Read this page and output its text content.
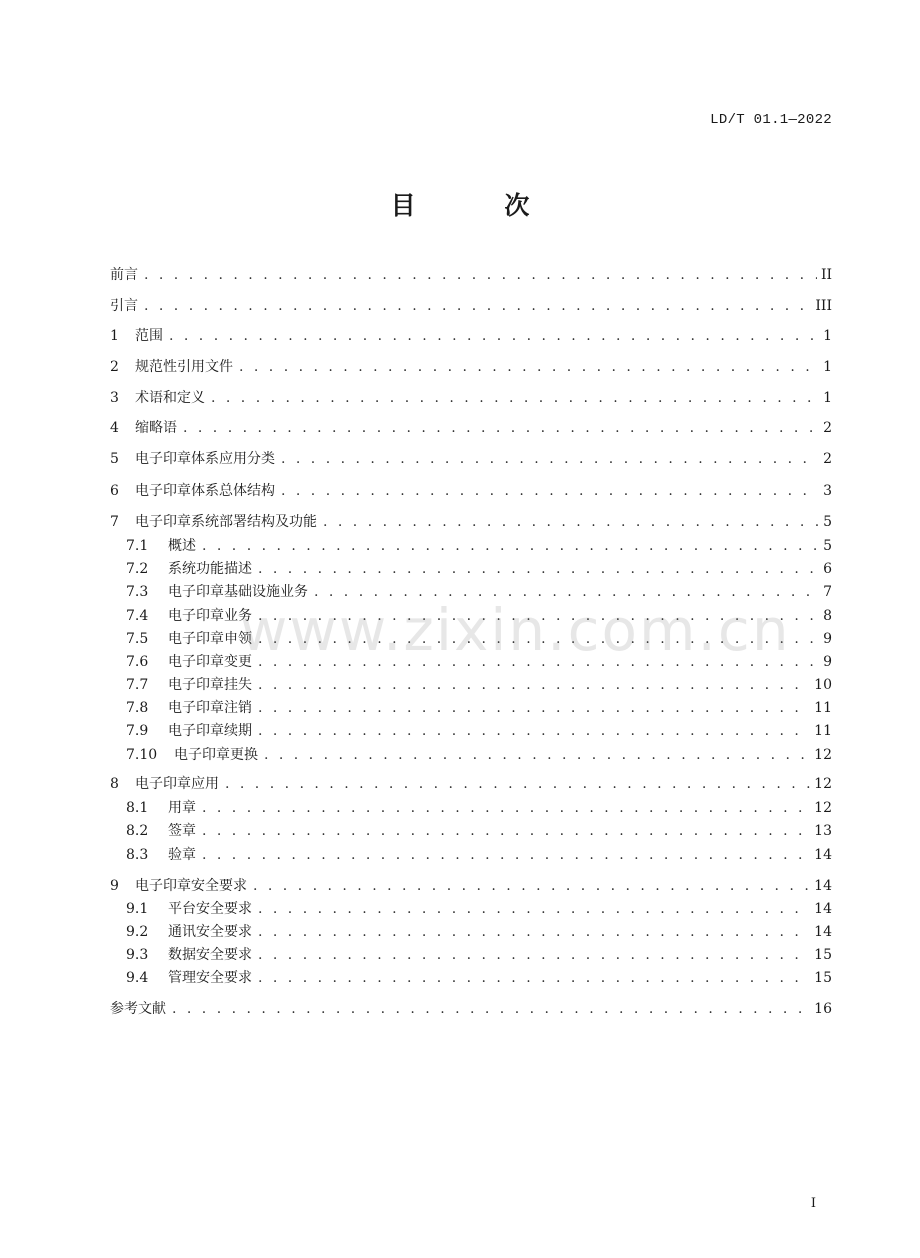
LD/T 01.1—2022
目 次
前言 . . .	II
引言 . . .	III
1	范围 . . .	1
2	规范性引用文件 . . .	1
3	术语和定义 . . .	1
4	缩略语 . . .	2
5	电子印章体系应用分类 . . .	2
6	电子印章体系总体结构 . . .	3
7	电子印章系统部署结构及功能 . . .	5
7.1	概述 . . .	5
7.2	系统功能描述 . . .	6
7.3	电子印章基础设施业务 . . .	7
7.4	电子印章业务 . . .	8
7.5	电子印章申领 . . .	9
7.6	电子印章变更 . . .	9
7.7	电子印章挂失 . . .	10
7.8	电子印章注销 . . .	11
7.9	电子印章续期 . . .	11
7.10	电子印章更换 . . .	12
8	电子印章应用 . . .	12
8.1	用章 . . .	12
8.2	签章 . . .	13
8.3	验章 . . .	14
9	电子印章安全要求 . . .	14
9.1	平台安全要求 . . .	14
9.2	通讯安全要求 . . .	14
9.3	数据安全要求 . . .	15
9.4	管理安全要求 . . .	15
参考文献 . . .	16
www.zixin.com.cn
I
